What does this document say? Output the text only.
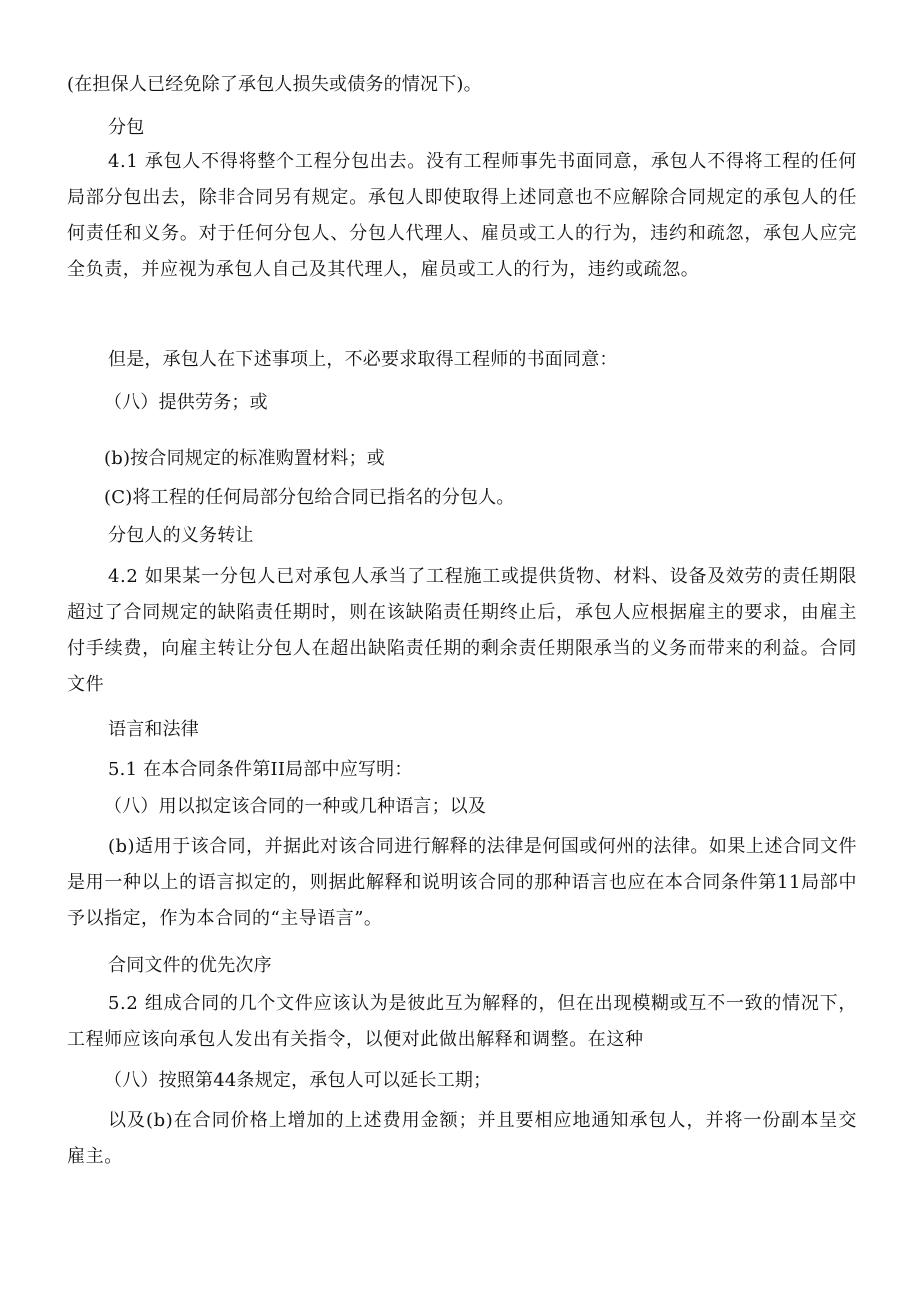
(在担保人已经免除了承包人损失或债务的情况下)。
分包
4.1 承包人不得将整个工程分包出去。没有工程师事先书面同意，承包人不得将工程的任何局部分包出去，除非合同另有规定。承包人即使取得上述同意也不应解除合同规定的承包人的任何责任和义务。对于任何分包人、分包人代理人、雇员或工人的行为，违约和疏忽，承包人应完全负责，并应视为承包人自己及其代理人，雇员或工人的行为，违约或疏忽。
但是，承包人在下述事项上，不必要求取得工程师的书面同意：
（八）提供劳务；或
(b)按合同规定的标准购置材料；或
(C)将工程的任何局部分包给合同已指名的分包人。
分包人的义务转让
4.2 如果某一分包人已对承包人承当了工程施工或提供货物、材料、设备及效劳的责任期限超过了合同规定的缺陷责任期时，则在该缺陷责任期终止后，承包人应根据雇主的要求，由雇主付手续费，向雇主转让分包人在超出缺陷责任期的剩余责任期限承当的义务而带来的利益。合同文件
语言和法律
5.1 在本合同条件第II局部中应写明：
（八）用以拟定该合同的一种或几种语言；以及
(b)适用于该合同，并据此对该合同进行解释的法律是何国或何州的法律。如果上述合同文件是用一种以上的语言拟定的，则据此解释和说明该合同的那种语言也应在本合同条件第11局部中予以指定，作为本合同的“主导语言”。
合同文件的优先次序
5.2 组成合同的几个文件应该认为是彼此互为解释的，但在出现模糊或互不一致的情况下，工程师应该向承包人发出有关指令，以便对此做出解释和调整。在这种
（八）按照第44条规定，承包人可以延长工期；
以及(b)在合同价格上增加的上述费用金额；并且要相应地通知承包人，并将一份副本呈交雇主。
